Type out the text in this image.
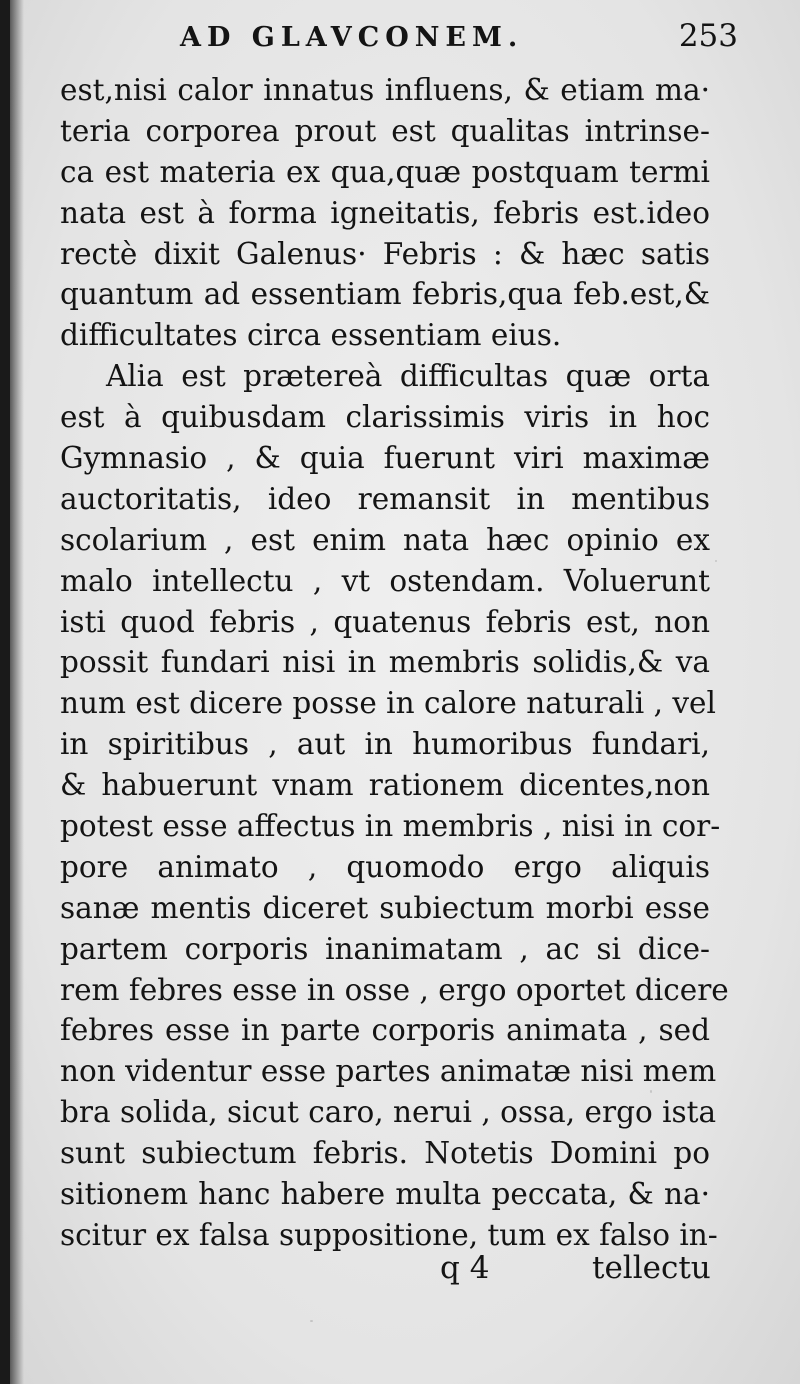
AD GLAVCONEM.	253
est,nisi calor innatus influens, & etiam ma·
teria corporea prout est qualitas intrinse-
ca est materia ex qua,quæ postquam termi
nata est à forma igneitatis, febris est.ideo
rectè dixit Galenus· Febris : & hæc satis
quantum ad essentiam febris,qua feb.est,&
difficultates circa essentiam eius.
Alia est prætereà difficultas quæ orta
est à quibusdam clarissimis viris in hoc
Gymnasio , & quia fuerunt viri maximæ
auctoritatis, ideo remansit in mentibus
scolarium , est enim nata hæc opinio ex
malo intellectu , vt ostendam. Voluerunt
isti quod febris , quatenus febris est, non
possit fundari nisi in membris solidis,& va
num est dicere posse in calore naturali , vel
in spiritibus , aut in humoribus fundari,
& habuerunt vnam rationem dicentes,non
potest esse affectus in membris , nisi in cor-
pore animato , quomodo ergo aliquis
sanæ mentis diceret subiectum morbi esse
partem corporis inanimatam , ac si dice-
rem febres esse in osse , ergo oportet dicere
febres esse in parte corporis animata , sed
non videntur esse partes animatæ nisi mem
bra solida, sicut caro, nerui , ossa, ergo ista
sunt subiectum febris. Notetis Domini po
sitionem hanc habere multa peccata, & na·
scitur ex falsa suppositione, tum ex falso in-
q 4	tellectu
